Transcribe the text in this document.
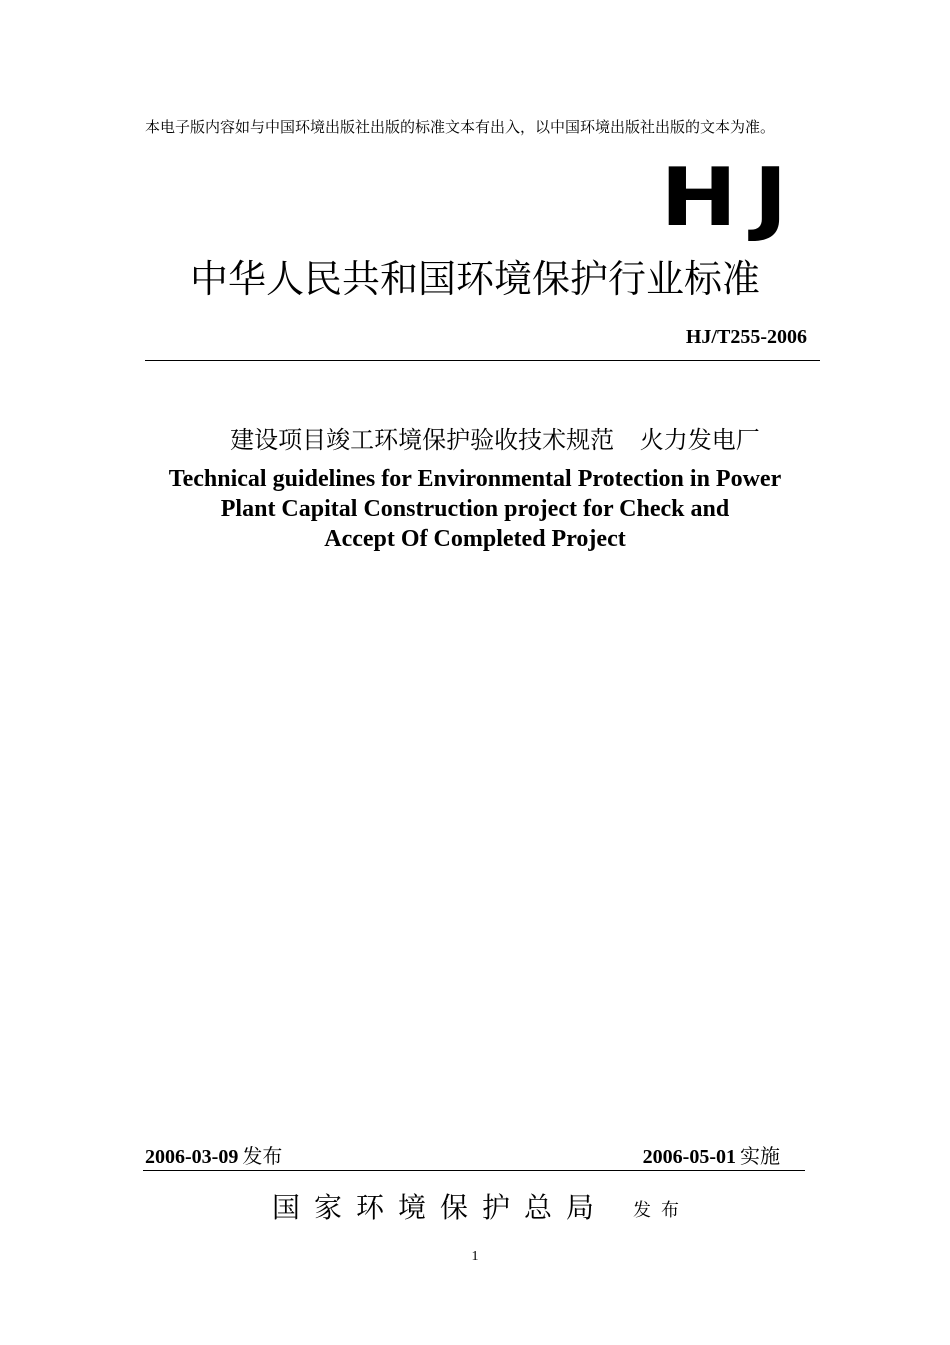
本电子版内容如与中国环境出版社出版的标准文本有出入，以中国环境出版社出版的文本为准。
HJ
中华人民共和国环境保护行业标准
HJ/T255-2006
建设项目竣工环境保护验收技术规范 火力发电厂
Technical guidelines for Environmental Protection in Power
Plant Capital Construction project for Check and
Accept Of Completed Project
2006-03-09 发布	2006-05-01 实施
国家环境保护总局 发布
1
